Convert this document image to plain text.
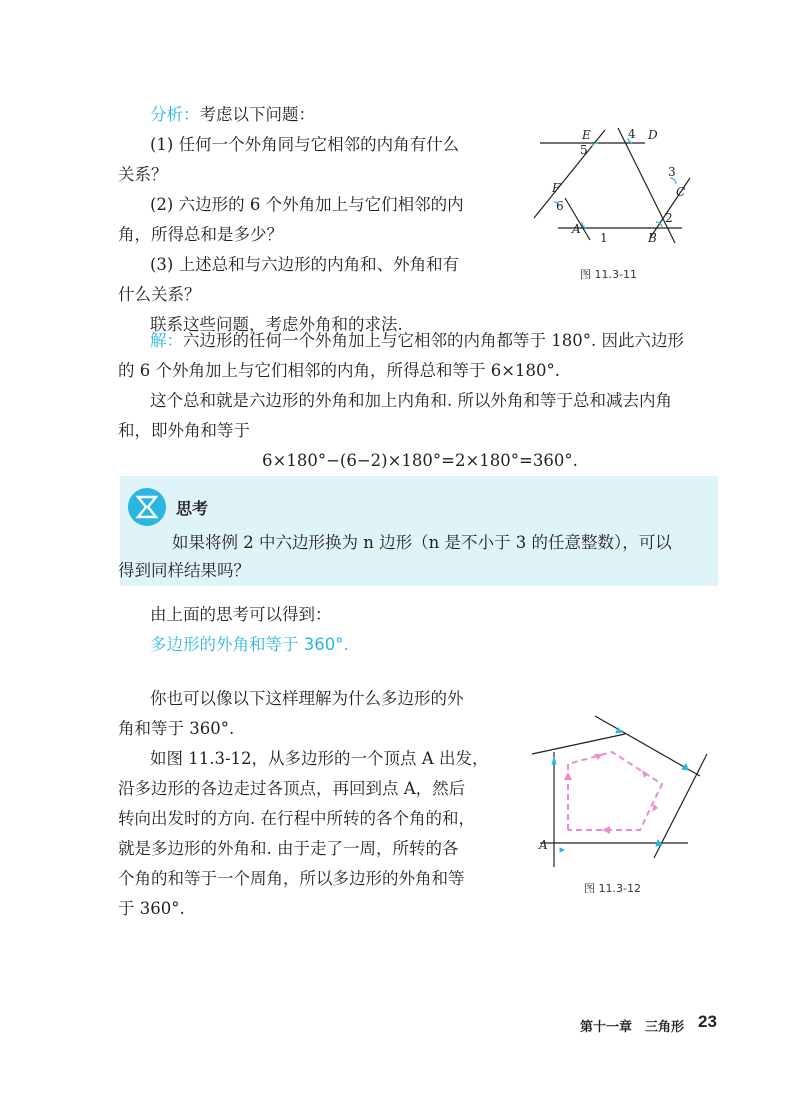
分析：考虑以下问题：
(1) 任何一个外角同与它相邻的内角有什么
关系？
(2) 六边形的 6 个外角加上与它们相邻的内
角，所得总和是多少？
(3) 上述总和与六边形的内角和、外角和有
什么关系？
联系这些问题，考虑外角和的求法.
E	D
C
B
A
F
1
2
3
4
5
6
图 11.3-11
解：六边形的任何一个外角加上与它相邻的内角都等于 180°. 因此六边形
的 6 个外角加上与它们相邻的内角，所得总和等于 6×180°.
这个总和就是六边形的外角和加上内角和. 所以外角和等于总和减去内角
和，即外角和等于
6×180°−(6−2)×180°=2×180°=360°.
思考
如果将例 2 中六边形换为 n 边形（n 是不小于 3 的任意整数），可以
得到同样结果吗？
由上面的思考可以得到：
多边形的外角和等于 360°.
你也可以像以下这样理解为什么多边形的外
角和等于 360°.
如图 11.3-12，从多边形的一个顶点 A 出发，
沿多边形的各边走过各顶点，再回到点 A，然后
转向出发时的方向. 在行程中所转的各个角的和，
就是多边形的外角和. 由于走了一周，所转的各
个角的和等于一个周角，所以多边形的外角和等
于 360°.
A
图 11.3-12
第十一章　三角形 23
